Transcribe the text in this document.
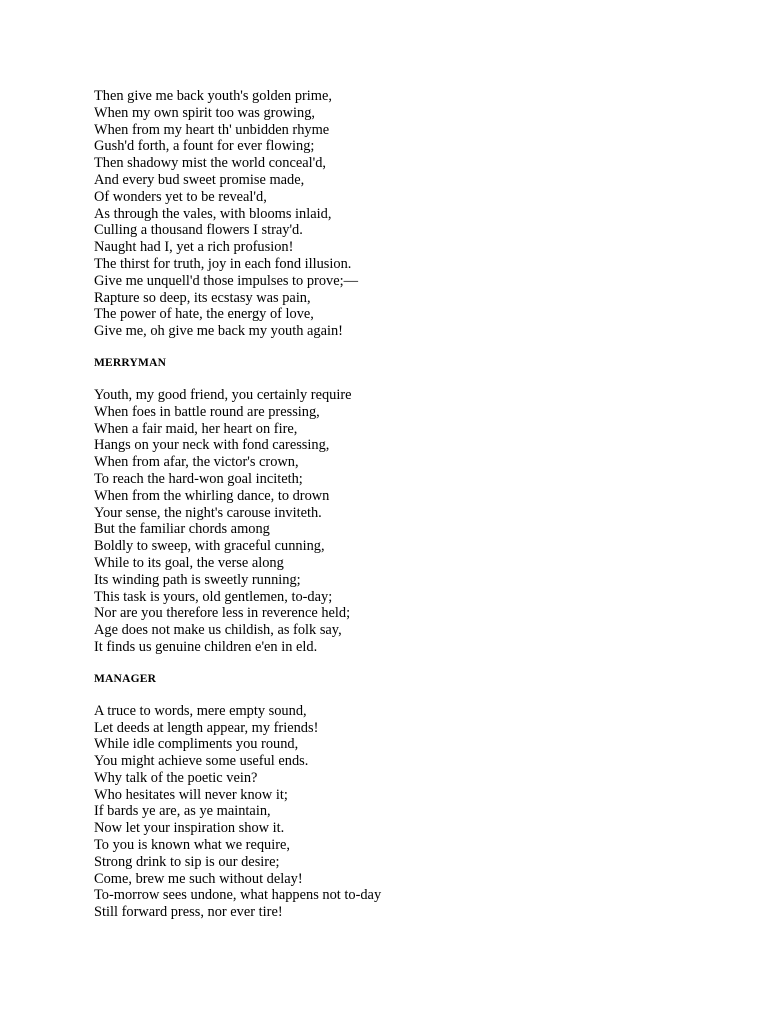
Then give me back youth's golden prime,
When my own spirit too was growing,
When from my heart th' unbidden rhyme
Gush'd forth, a fount for ever flowing;
Then shadowy mist the world conceal'd,
And every bud sweet promise made,
Of wonders yet to be reveal'd,
As through the vales, with blooms inlaid,
Culling a thousand flowers I stray'd.
Naught had I, yet a rich profusion!
The thirst for truth, joy in each fond illusion.
Give me unquell'd those impulses to prove;—
Rapture so deep, its ecstasy was pain,
The power of hate, the energy of love,
Give me, oh give me back my youth again!
MERRYMAN
Youth, my good friend, you certainly require
When foes in battle round are pressing,
When a fair maid, her heart on fire,
Hangs on your neck with fond caressing,
When from afar, the victor's crown,
To reach the hard-won goal inciteth;
When from the whirling dance, to drown
Your sense, the night's carouse inviteth.
But the familiar chords among
Boldly to sweep, with graceful cunning,
While to its goal, the verse along
Its winding path is sweetly running;
This task is yours, old gentlemen, to-day;
Nor are you therefore less in reverence held;
Age does not make us childish, as folk say,
It finds us genuine children e'en in eld.
MANAGER
A truce to words, mere empty sound,
Let deeds at length appear, my friends!
While idle compliments you round,
You might achieve some useful ends.
Why talk of the poetic vein?
Who hesitates will never know it;
If bards ye are, as ye maintain,
Now let your inspiration show it.
To you is known what we require,
Strong drink to sip is our desire;
Come, brew me such without delay!
To-morrow sees undone, what happens not to-day
Still forward press, nor ever tire!
